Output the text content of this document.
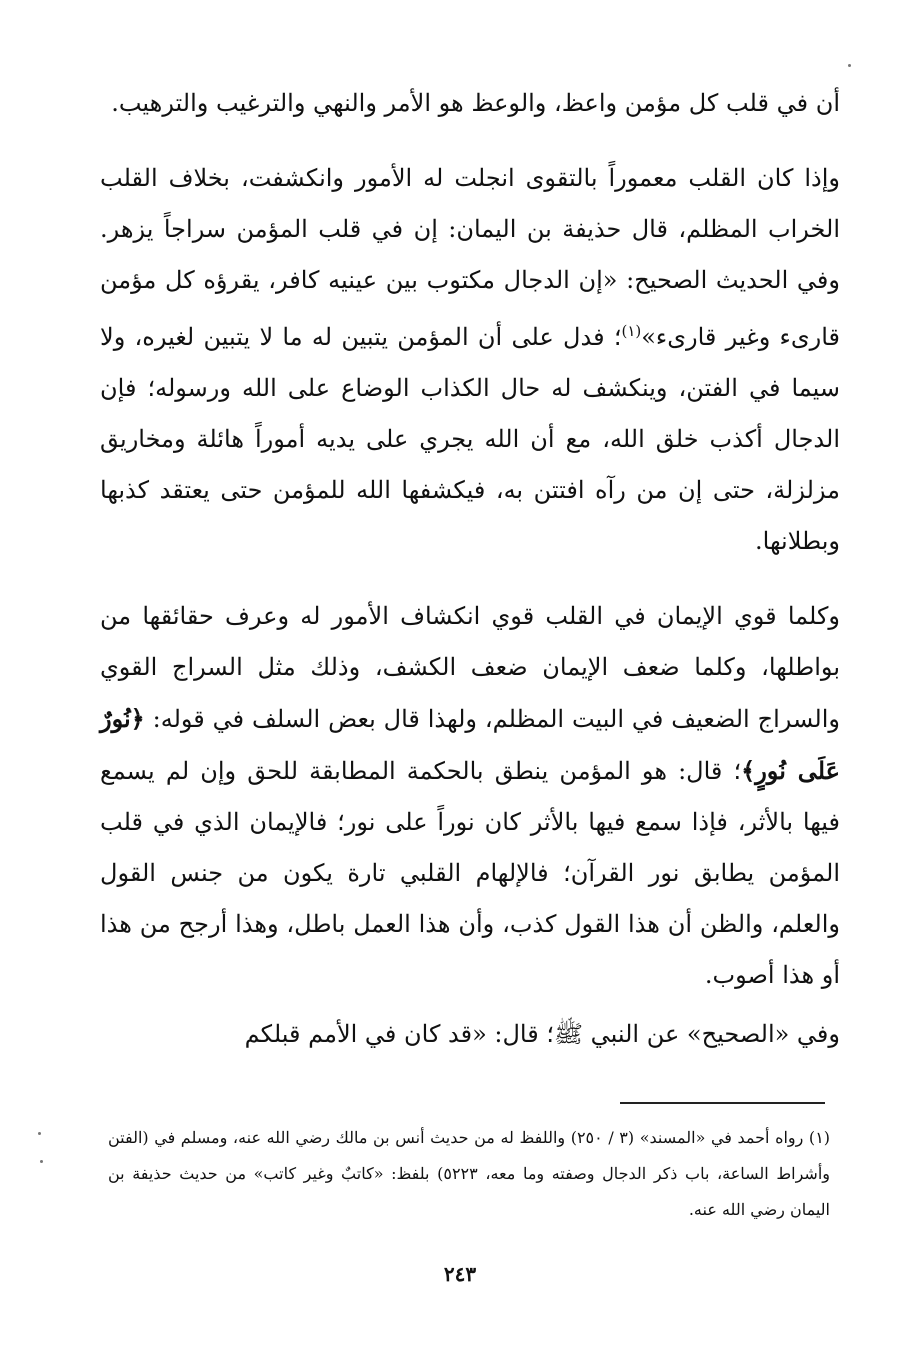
أن في قلب كل مؤمن واعظ، والوعظ هو الأمر والنهي والترغيب والترهيب.

وإذا كان القلب معموراً بالتقوى انجلت له الأمور وانكشفت، بخلاف القلب الخراب المظلم، قال حذيفة بن اليمان: إن في قلب المؤمن سراجاً يزهر. وفي الحديث الصحيح: «إن الدجال مكتوب بين عينيه كافر، يقرؤه كل مؤمن قارىء وغير قارىء»$^{(١)}$؛ فدل على أن المؤمن يتبين له ما لا يتبين لغيره، ولا سيما في الفتن، وينكشف له حال الكذاب الوضاع على الله ورسوله؛ فإن الدجال أكذب خلق الله، مع أن الله يجري على يديه أموراً هائلة ومخاريق مزلزلة، حتى إن من رآه افتتن به، فيكشفها الله للمؤمن حتى يعتقد كذبها وبطلانها.

وكلما قوي الإيمان في القلب قوي انكشاف الأمور له وعرف حقائقها من بواطلها، وكلما ضعف الإيمان ضعف الكشف، وذلك مثل السراج القوي والسراج الضعيف في البيت المظلم، ولهذا قال بعض السلف في قوله: ﴿نُورٌ عَلَى نُورٍ﴾؛ قال: هو المؤمن ينطق بالحكمة المطابقة للحق وإن لم يسمع فيها بالأثر، فإذا سمع فيها بالأثر كان نوراً على نور؛ فالإيمان الذي في قلب المؤمن يطابق نور القرآن؛ فالإلهام القلبي تارة يكون من جنس القول والعلم، والظن أن هذا القول كذب، وأن هذا العمل باطل، وهذا أرجح من هذا أو هذا أصوب.

وفي «الصحيح» عن النبي ﷺ؛ قال: «قد كان في الأمم قبلكم

(١) رواه أحمد في «المسند» (٣ / ٢٥٠) واللفظ له من حديث أنس بن مالك رضي الله عنه، ومسلم في (الفتن وأشراط الساعة، باب ذكر الدجال وصفته وما معه، ٥٢٢٣) بلفظ: «كاتبٌ وغير كاتب» من حديث حذيفة بن اليمان رضي الله عنه.

٢٤٣
